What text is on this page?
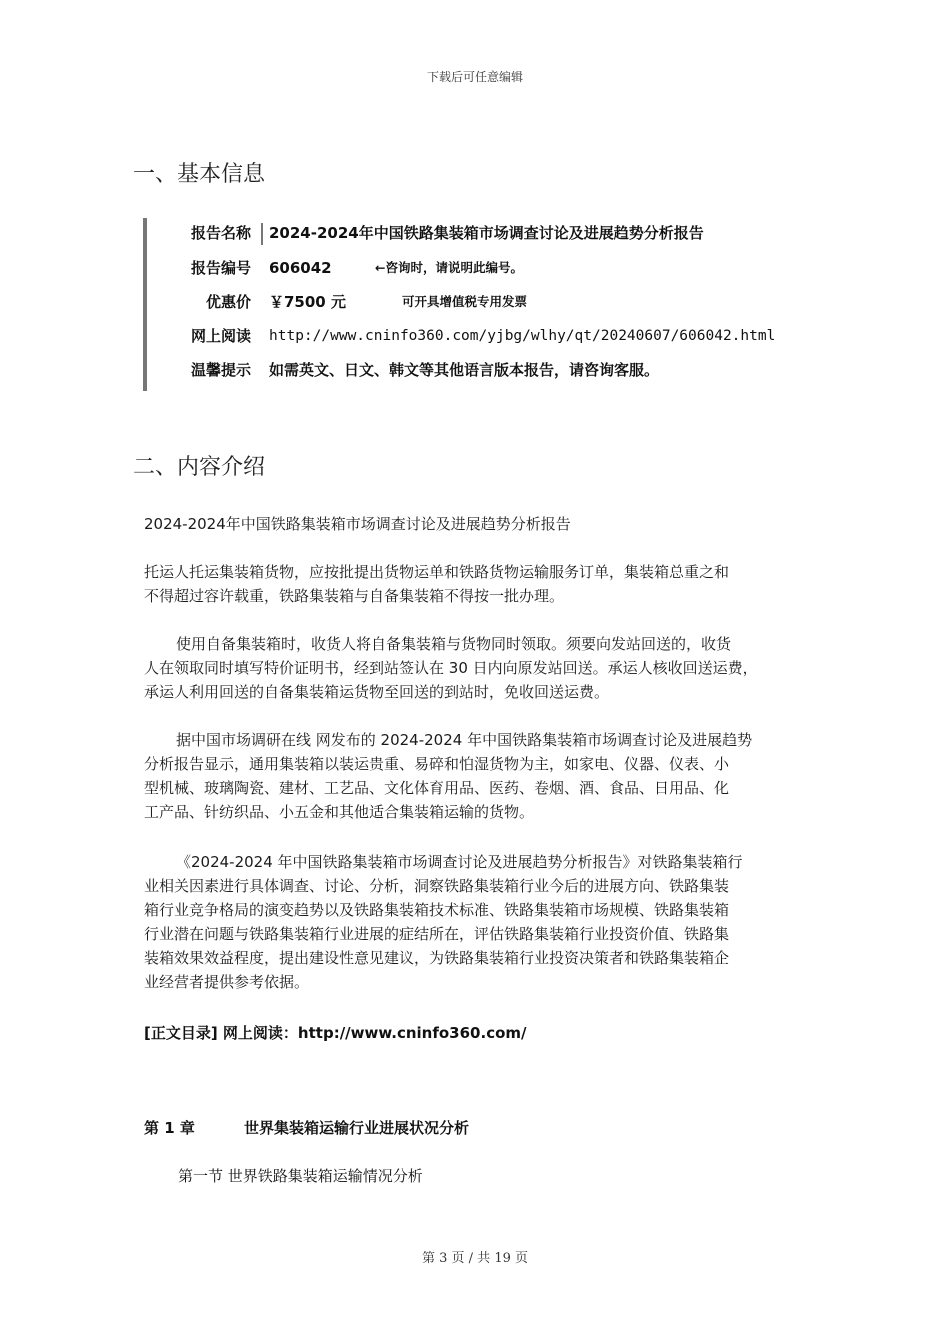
下载后可任意编辑
一、基本信息
报告名称 2024-2024年中国铁路集装箱市场调查讨论及进展趋势分析报告
报告编号 606042	←咨询时，请说明此编号。
优惠价 ￥7500 元	可开具增值税专用发票
网上阅读 http://www.cninfo360.com/yjbg/wlhy/qt/20240607/606042.html
温馨提示 如需英文、日文、韩文等其他语言版本报告，请咨询客服。
二、内容介绍

2024-2024年中国铁路集装箱市场调查讨论及进展趋势分析报告

托运人托运集装箱货物，应按批提出货物运单和铁路货物运输服务订单，集装箱总重之和
不得超过容许载重，铁路集装箱与自备集装箱不得按一批办理。
使用自备集装箱时，收货人将自备集装箱与货物同时领取。须要向发站回送的，收货
人在领取同时填写特价证明书，经到站签认在 30 日内向原发站回送。承运人核收回送运费，
承运人利用回送的自备集装箱运货物至回送的到站时，免收回送运费。
据中国市场调研在线 网发布的 2024-2024 年中国铁路集装箱市场调查讨论及进展趋势
分析报告显示，通用集装箱以装运贵重、易碎和怕湿货物为主，如家电、仪器、仪表、小
型机械、玻璃陶瓷、建材、工艺品、文化体育用品、医药、卷烟、酒、食品、日用品、化
工产品、针纺织品、小五金和其他适合集装箱运输的货物。
《2024-2024 年中国铁路集装箱市场调查讨论及进展趋势分析报告》对铁路集装箱行
业相关因素进行具体调查、讨论、分析，洞察铁路集装箱行业今后的进展方向、铁路集装
箱行业竞争格局的演变趋势以及铁路集装箱技术标准、铁路集装箱市场规模、铁路集装箱
行业潜在问题与铁路集装箱行业进展的症结所在，评估铁路集装箱行业投资价值、铁路集
装箱效果效益程度，提出建设性意见建议，为铁路集装箱行业投资决策者和铁路集装箱企
业经营者提供参考依据。
[正文目录] 网上阅读：http://www.cninfo360.com/
第 1 章	世界集装箱运输行业进展状况分析
第一节 世界铁路集装箱运输情况分析
第 3 页 / 共 19 页
